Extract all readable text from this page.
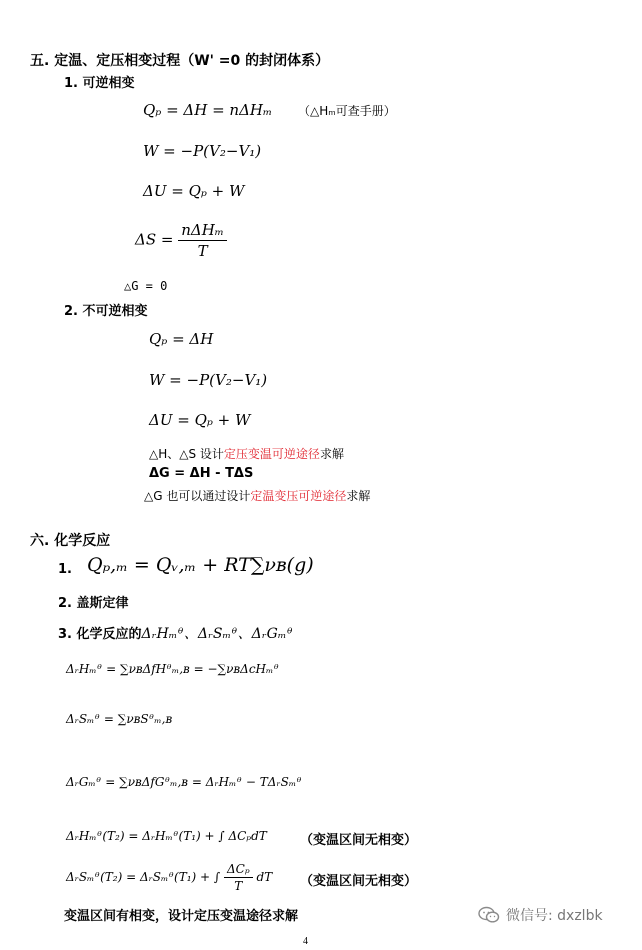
五. 定温、定压相变过程（W' =0 的封闭体系）
1. 可逆相变
Qₚ = ΔH = nΔHₘ （△Hₘ可查手册）
W = −P(V₂−V₁)
ΔU = Qₚ + W
$\Delta S = \frac{\text{nΔHₘ}}{T}$
△G = 0
2. 不可逆相变
Qₚ = ΔH
W = −P(V₂−V₁)
ΔU = Qₚ + W
△H、△S 设计定压变温可逆途径求解
ΔG = ΔH - TΔS
△G 也可以通过设计定温变压可逆途径求解
六. 化学反应
1. Qₚ,ₘ = Qᵥ,ₘ + RT∑νʙ(g)
2. 盖斯定律
3. 化学反应的ΔᵣHₘᶿ、ΔᵣSₘᶿ、ΔᵣGₘᶿ
ΔᵣHₘᶿ = ∑νʙΔfHᶿₘ,ʙ = −∑νʙΔcHₘᶿ
ΔᵣSₘᶿ = ∑νʙSᶿₘ,ʙ
ΔᵣGₘᶿ = ∑νʙΔfGᶿₘ,ʙ = ΔᵣHₘᶿ − TΔᵣSₘᶿ
ΔᵣHₘᶿ(T₂) = ΔᵣHₘᶿ(T₁) + ∫ ΔCₚdT	（变温区间无相变）
ΔᵣSₘᶿ(T₂) = ΔᵣSₘᶿ(T₁) + ∫ $\frac{\text{ΔCₚ}}{T}$ dT （变温区间无相变）
变温区间有相变，设计定压变温途径求解	微信号: dxzlbk
4
